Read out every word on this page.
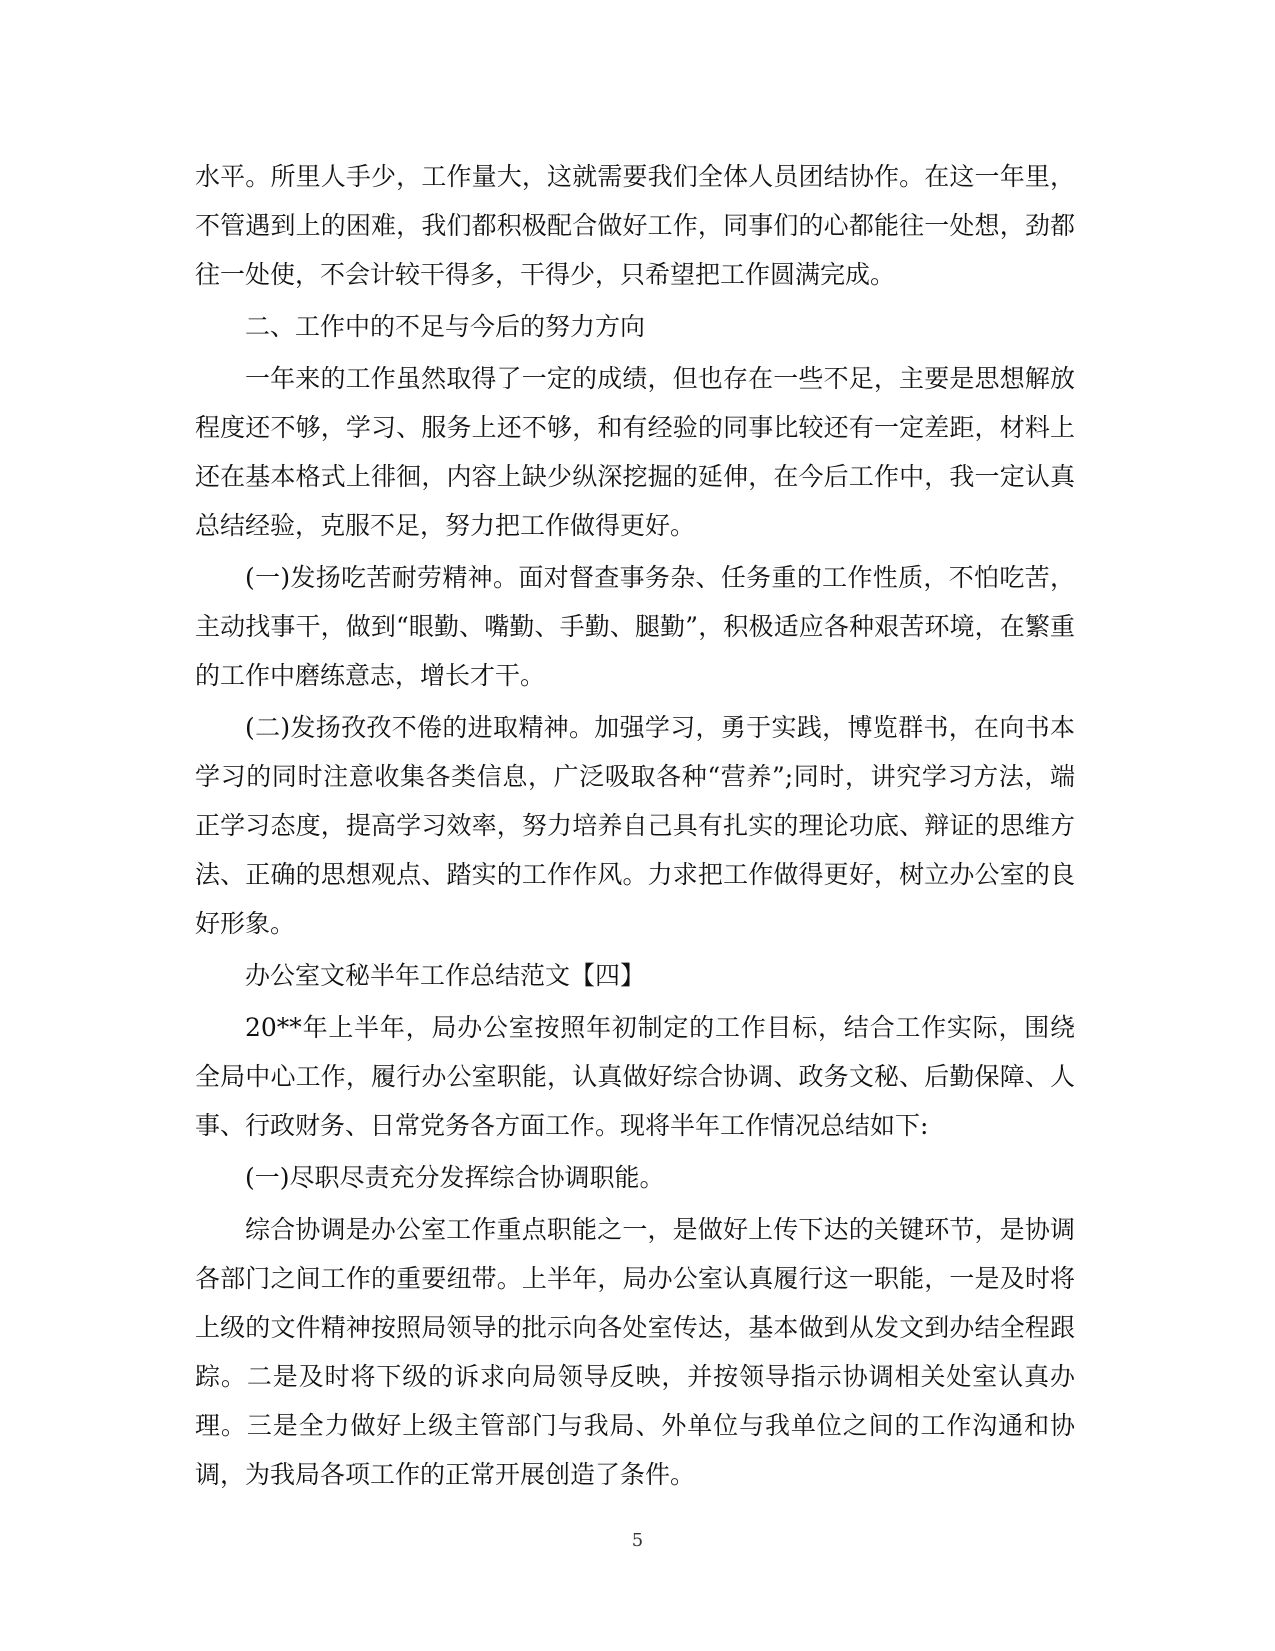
水平。所里人手少，工作量大，这就需要我们全体人员团结协作。在这一年里，不管遇到上的困难，我们都积极配合做好工作，同事们的心都能往一处想，劲都往一处使，不会计较干得多，干得少，只希望把工作圆满完成。

二、工作中的不足与今后的努力方向

一年来的工作虽然取得了一定的成绩，但也存在一些不足，主要是思想解放程度还不够，学习、服务上还不够，和有经验的同事比较还有一定差距，材料上还在基本格式上徘徊，内容上缺少纵深挖掘的延伸，在今后工作中，我一定认真总结经验，克服不足，努力把工作做得更好。

(一)发扬吃苦耐劳精神。面对督查事务杂、任务重的工作性质，不怕吃苦，主动找事干，做到“眼勤、嘴勤、手勤、腿勤”，积极适应各种艰苦环境，在繁重的工作中磨练意志，增长才干。

(二)发扬孜孜不倦的进取精神。加强学习，勇于实践，博览群书，在向书本学习的同时注意收集各类信息，广泛吸取各种“营养”;同时，讲究学习方法，端正学习态度，提高学习效率，努力培养自己具有扎实的理论功底、辩证的思维方法、正确的思想观点、踏实的工作作风。力求把工作做得更好，树立办公室的良好形象。

办公室文秘半年工作总结范文【四】

20**年上半年，局办公室按照年初制定的工作目标，结合工作实际，围绕全局中心工作，履行办公室职能，认真做好综合协调、政务文秘、后勤保障、人事、行政财务、日常党务各方面工作。现将半年工作情况总结如下:

(一)尽职尽责充分发挥综合协调职能。

综合协调是办公室工作重点职能之一，是做好上传下达的关键环节，是协调各部门之间工作的重要纽带。上半年，局办公室认真履行这一职能，一是及时将上级的文件精神按照局领导的批示向各处室传达，基本做到从发文到办结全程跟踪。二是及时将下级的诉求向局领导反映，并按领导指示协调相关处室认真办理。三是全力做好上级主管部门与我局、外单位与我单位之间的工作沟通和协调，为我局各项工作的正常开展创造了条件。

5
